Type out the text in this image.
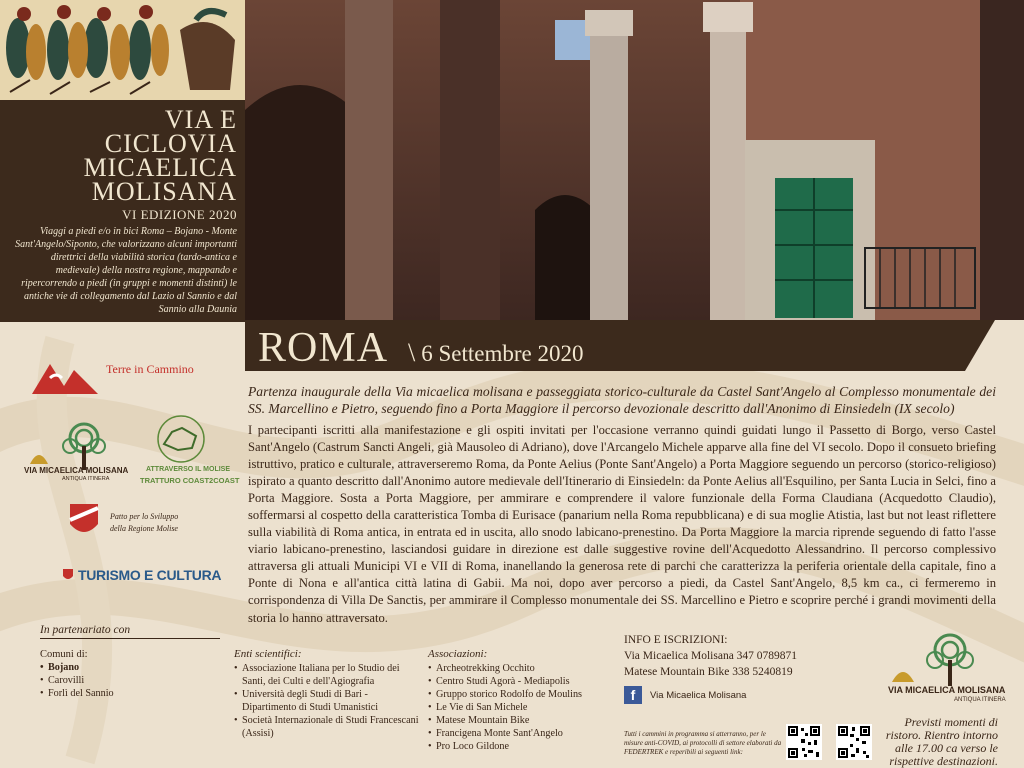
VIA E
CICLOVIA
MICAELICA
MOLISANA
VI EDIZIONE 2020
Viaggi a piedi e/o in bici Roma – Bojano - Monte Sant'Angelo/Siponto, che valorizzano alcuni importanti direttrici della viabilità storica (tardo-antica e medievale) della nostra regione, mappando e ripercorrendo a piedi (in gruppi e momenti distinti) le antiche vie di collegamento dal Lazio al Sannio e dal Sannio alla Daunia
ROMA \ 6 Settembre 2020
Partenza inaugurale della Via micaelica molisana e passeggiata storico-culturale da Castel Sant'Angelo al Complesso monumentale dei SS. Marcellino e Pietro, seguendo fino a Porta Maggiore il percorso devozionale descritto dall'Anonimo di Einsiedeln (IX secolo)
I partecipanti iscritti alla manifestazione e gli ospiti invitati per l'occasione verranno quindi guidati lungo il Passetto di Borgo, verso Castel Sant'Angelo (Castrum Sancti Angeli, già Mausoleo di Adriano), dove l'Arcangelo Michele apparve alla fine del VI secolo. Dopo il consueto briefing istruttivo, pratico e culturale, attraverseremo Roma, da Ponte Aelius (Ponte Sant'Angelo) a Porta Maggiore seguendo un percorso (storico-religioso) ispirato a quanto descritto dall'Anonimo autore medievale dell'Itinerario di Einsiedeln: da Ponte Aelius all'Esquilino, per Santa Lucia in Selci, fino a Porta Maggiore. Sosta a Porta Maggiore, per ammirare e comprendere il valore funzionale della Forma Claudiana (Acquedotto Claudio), soffermarsi al cospetto della caratteristica Tomba di Eurisace (panarium nella Roma repubblicana) e di sua moglie Atistia, last but not least riflettere sulla viabilità di Roma antica, in entrata ed in uscita, allo snodo labicano-prenestino. Da Porta Maggiore la marcia riprende seguendo di fatto l'asse viario labicano-prenestino, lasciandosi guidare in direzione est dalle suggestive rovine dell'Acquedotto Alessandrino. Il percorso complessivo attraversa gli attuali Municipi VI e VII di Roma, inanellando la generosa rete di parchi che caratterizza la periferia orientale della capitale, fino a Ponte di Nona e all'antica città latina di Gabii. Ma noi, dopo aver percorso a piedi, da Castel Sant'Angelo, 8,5 km ca., ci fermeremo in corrispondenza di Villa De Sanctis, per ammirare il Complesso monumentale dei SS. Marcellino e Pietro e scoprire perché i grandi movimenti della storia lo hanno attraversato.
Terre in Cammino
VIA MICAELICA MOLISANA
ANTIQUA ITINERA
ATTRAVERSO IL MOLISE
TRATTURO COAST2COAST
Patto per lo Sviluppo
della Regione Molise
TURISMO E CULTURA
In partenariato con
Comuni di:
• Bojano
• Carovilli
• Forlì del Sannio
Enti scientifici:
• Associazione Italiana per lo Studio dei Santi, dei Culti e dell'Agiografia
• Università degli Studi di Bari - Dipartimento di Studi Umanistici
• Società Internazionale di Studi Francescani (Assisi)
Associazioni:
• Archeotrekking Occhito
• Centro Studi Agorà - Mediapolis
• Gruppo storico Rodolfo de Moulins
• Le Vie di San Michele
• Matese Mountain Bike
• Francigena Monte Sant'Angelo
• Pro Loco Gildone
INFO E ISCRIZIONI:
Via Micaelica Molisana 347 0789871
Matese Mountain Bike 338 5240819
f	Via Micaelica Molisana
Tutti i cammini in programma si atterranno, per le misure anti-COVID, ai protocolli di settore elaborati da FEDERTREK e reperibili ai seguenti link:
VIA MICAELICA MOLISANA
ANTIQUA ITINERA
Previsti momenti di ristoro. Rientro intorno alle 17.00 ca verso le rispettive destinazioni.
